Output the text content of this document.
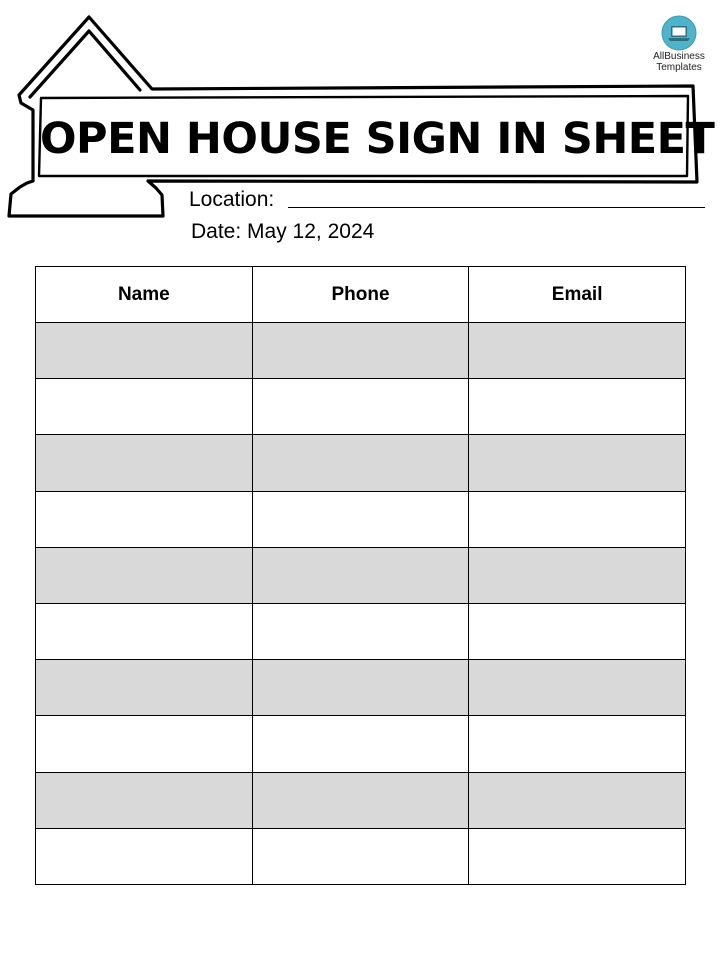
OPEN HOUSE SIGN IN SHEET
AllBusiness
Templates
Location:
Date: May 12, 2024
Name	Phone	Email
